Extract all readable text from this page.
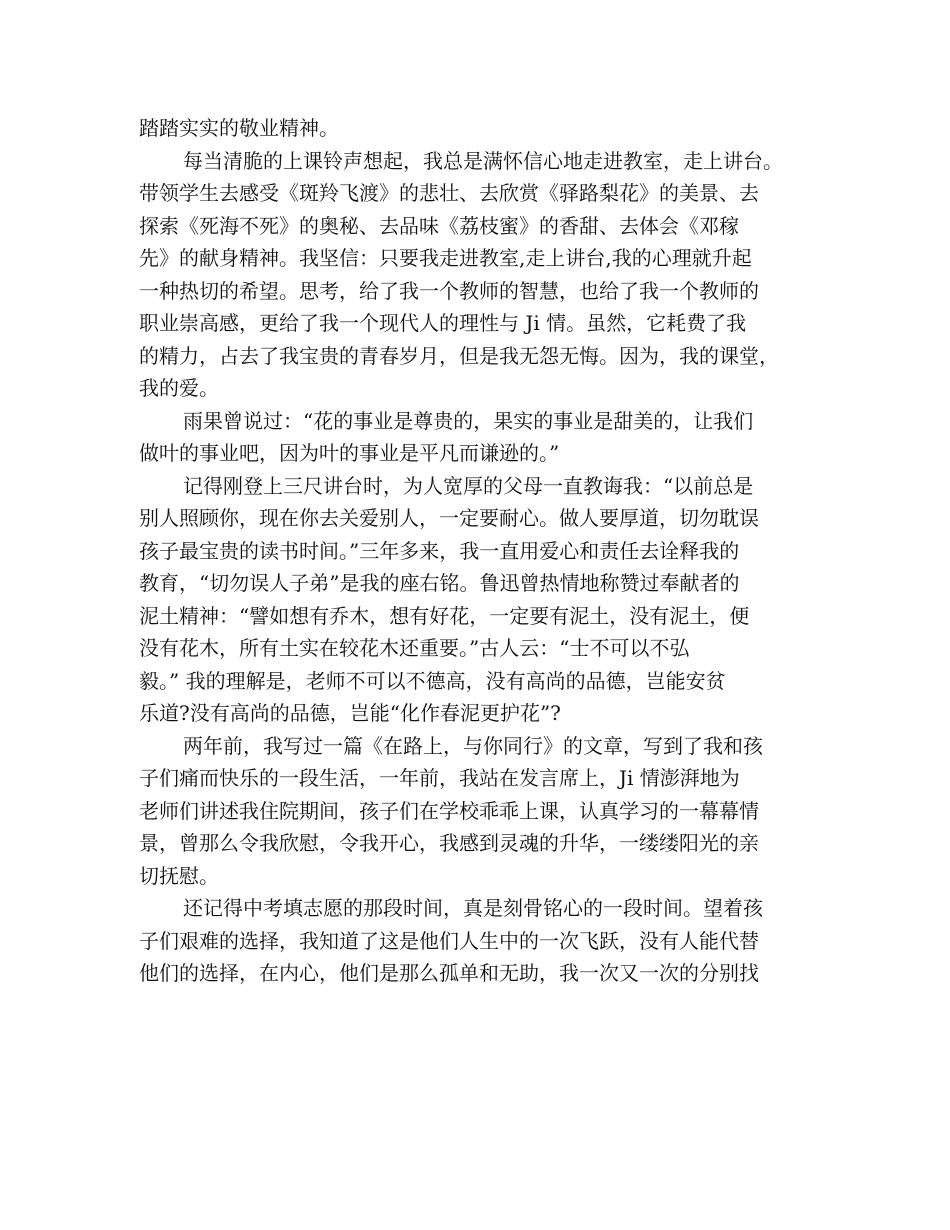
踏踏实实的敬业精神。
每当清脆的上课铃声想起，我总是满怀信心地走进教室，走上讲台。
带领学生去感受《斑羚飞渡》的悲壮、去欣赏《驿路梨花》的美景、去
探索《死海不死》的奥秘、去品味《荔枝蜜》的香甜、去体会《邓稼
先》的献身精神。我坚信：只要我走进教室,走上讲台,我的心理就升起
一种热切的希望。思考，给了我一个教师的智慧，也给了我一个教师的
职业崇高感，更给了我一个现代人的理性与 Ji 情。虽然，它耗费了我
的精力，占去了我宝贵的青春岁月，但是我无怨无悔。因为，我的课堂，
我的爱。
雨果曾说过：“花的事业是尊贵的，果实的事业是甜美的，让我们
做叶的事业吧，因为叶的事业是平凡而谦逊的。”
记得刚登上三尺讲台时，为人宽厚的父母一直教诲我：“以前总是
别人照顾你，现在你去关爱别人，一定要耐心。做人要厚道，切勿耽误
孩子最宝贵的读书时间。”三年多来，我一直用爱心和责任去诠释我的
教育，“切勿误人子弟”是我的座右铭。鲁迅曾热情地称赞过奉献者的
泥土精神：“譬如想有乔木，想有好花，一定要有泥土，没有泥土，便
没有花木，所有土实在较花木还重要。”古人云：“士不可以不弘
毅。” 我的理解是，老师不可以不德高，没有高尚的品德，岂能安贫
乐道?没有高尚的品德，岂能“化作春泥更护花”?
两年前，我写过一篇《在路上，与你同行》的文章，写到了我和孩
子们痛而快乐的一段生活，一年前，我站在发言席上，Ji 情澎湃地为
老师们讲述我住院期间，孩子们在学校乖乖上课，认真学习的一幕幕情
景，曾那么令我欣慰，令我开心，我感到灵魂的升华，一缕缕阳光的亲
切抚慰。
还记得中考填志愿的那段时间，真是刻骨铭心的一段时间。望着孩
子们艰难的选择，我知道了这是他们人生中的一次飞跃，没有人能代替
他们的选择，在内心，他们是那么孤单和无助，我一次又一次的分别找
